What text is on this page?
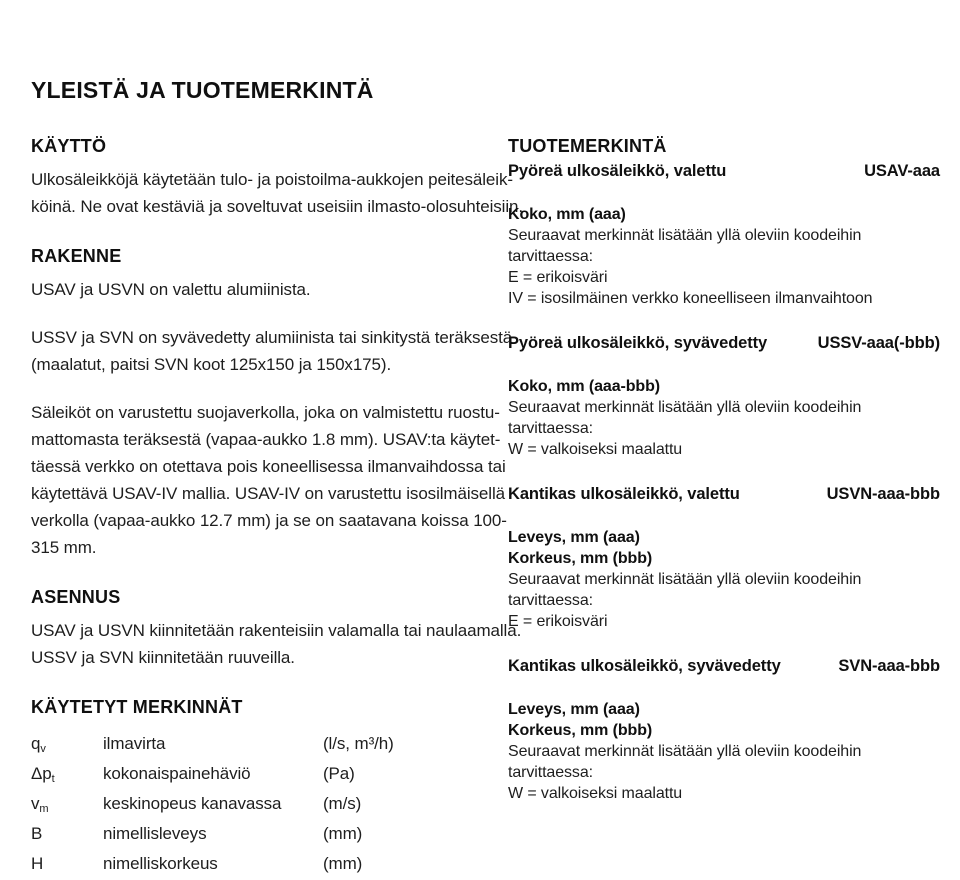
YLEISTÄ JA TUOTEMERKINTÄ
KÄYTTÖ
Ulkosäleikköjä käytetään tulo- ja poistoilma-aukkojen peitesäleik-
köinä. Ne ovat kestäviä ja soveltuvat useisiin ilmasto-olosuhteisiin.
RAKENNE
USAV ja USVN on valettu alumiinista.
USSV ja SVN on syvävedetty alumiinista tai sinkitystä teräksestä
(maalatut, paitsi SVN koot 125x150 ja 150x175).
Säleiköt on varustettu suojaverkolla, joka on valmistettu ruostu-
mattomasta teräksestä (vapaa-aukko 1.8 mm). USAV:ta käytet-
täessä verkko on otettava pois koneellisessa ilmanvaihdossa tai
käytettävä USAV-IV mallia. USAV-IV on varustettu isosilmäisellä
verkolla (vapaa-aukko 12.7 mm) ja se on saatavana koissa 100-
315 mm.
ASENNUS
USAV ja USVN kiinnitetään rakenteisiin valamalla tai naulaamalla.
USSV ja SVN kiinnitetään ruuveilla.
KÄYTETYT MERKINNÄT
qv	ilmavirta	(l/s, m³/h)
Δpt	kokonaispainehäviö	(Pa)
vm	keskinopeus kanavassa	(m/s)
B	nimellisleveys	(mm)
H	nimelliskorkeus	(mm)
TUOTEMERKINTÄ
Pyöreä ulkosäleikkö, valettu	USAV-aaa
Koko, mm (aaa)
Seuraavat merkinnät lisätään yllä oleviin koodeihin tarvittaessa:
E = erikoisväri
IV = isosilmäinen verkko koneelliseen ilmanvaihtoon
Pyöreä ulkosäleikkö, syvävedetty	USSV-aaa(-bbb)
Koko, mm (aaa-bbb)
Seuraavat merkinnät lisätään yllä oleviin koodeihin tarvittaessa:
W = valkoiseksi maalattu
Kantikas ulkosäleikkö, valettu	USVN-aaa-bbb
Leveys, mm (aaa)
Korkeus, mm (bbb)
Seuraavat merkinnät lisätään yllä oleviin koodeihin tarvittaessa:
E = erikoisväri
Kantikas ulkosäleikkö, syvävedetty	SVN-aaa-bbb
Leveys, mm (aaa)
Korkeus, mm (bbb)
Seuraavat merkinnät lisätään yllä oleviin koodeihin tarvittaessa:
W = valkoiseksi maalattu
